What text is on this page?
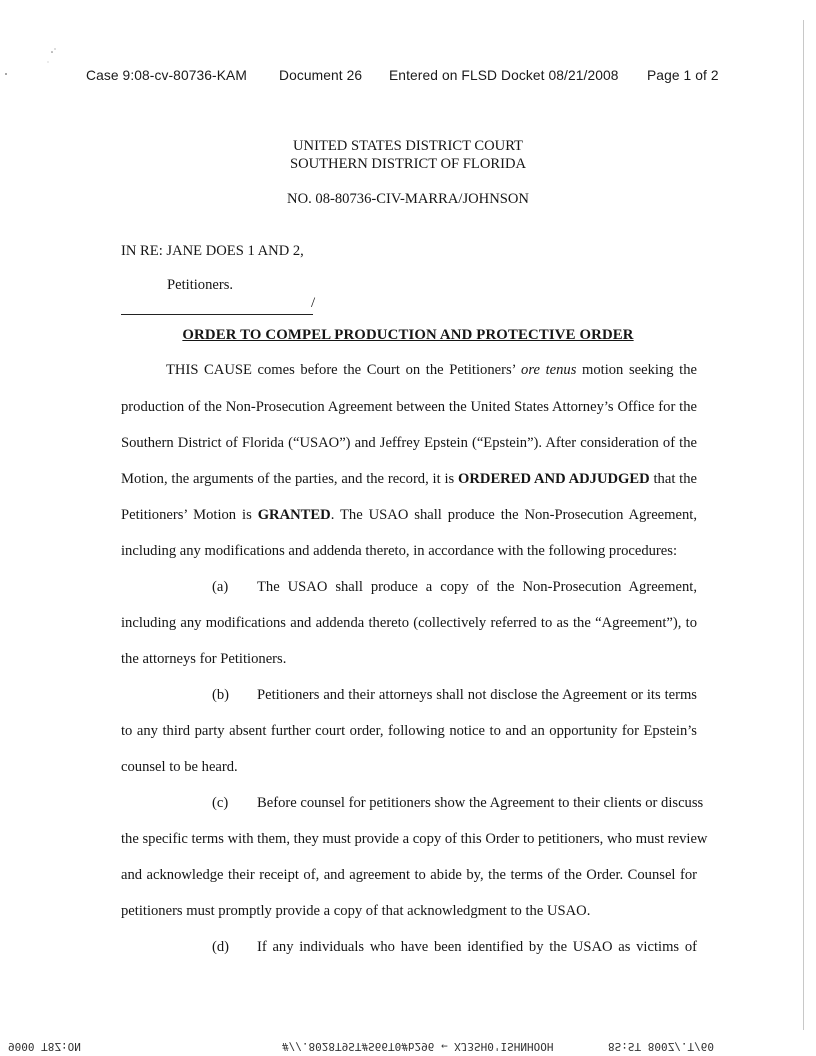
Case 9:08-cv-80736-KAM Document 26 Entered on FLSD Docket 08/21/2008 Page 1 of 2
UNITED STATES DISTRICT COURT
SOUTHERN DISTRICT OF FLORIDA
NO. 08-80736-CIV-MARRA/JOHNSON
IN RE: JANE DOES 1 AND 2,
Petitioners.
/
ORDER TO COMPEL PRODUCTION AND PROTECTIVE ORDER
THIS CAUSE comes before the Court on the Petitioners’ ore tenus motion seeking the
production of the Non-Prosecution Agreement between the United States Attorney’s Office for the
Southern District of Florida (“USAO”) and Jeffrey Epstein (“Epstein”). After consideration of the
Motion, the arguments of the parties, and the record, it is ORDERED AND ADJUDGED that the
Petitioners’ Motion is GRANTED. The USAO shall produce the Non-Prosecution Agreement,
including any modifications and addenda thereto, in accordance with the following procedures:
(a) The USAO shall produce a copy of the Non-Prosecution Agreement,
including any modifications and addenda thereto (collectively referred to as the “Agreement”), to
the attorneys for Petitioners.
(b) Petitioners and their attorneys shall not disclose the Agreement or its terms
to any third party absent further court order, following notice to and an opportunity for Epstein’s
counsel to be heard.
(c) Before counsel for petitioners show the Agreement to their clients or discuss
the specific terms with them, they must provide a copy of this Order to petitioners, who must review
and acknowledge their receipt of, and agreement to abide by, the terms of the Order. Counsel for
petitioners must promptly provide a copy of that acknowledgment to the USAO.
(d) If any individuals who have been identified by the USAO as victims of
9000 T8Z:ON	#//.8028T9ST#S66T0#b296 ← XJ3SH0'ISHNHOOH	8S:ST 800Z/.T/60
